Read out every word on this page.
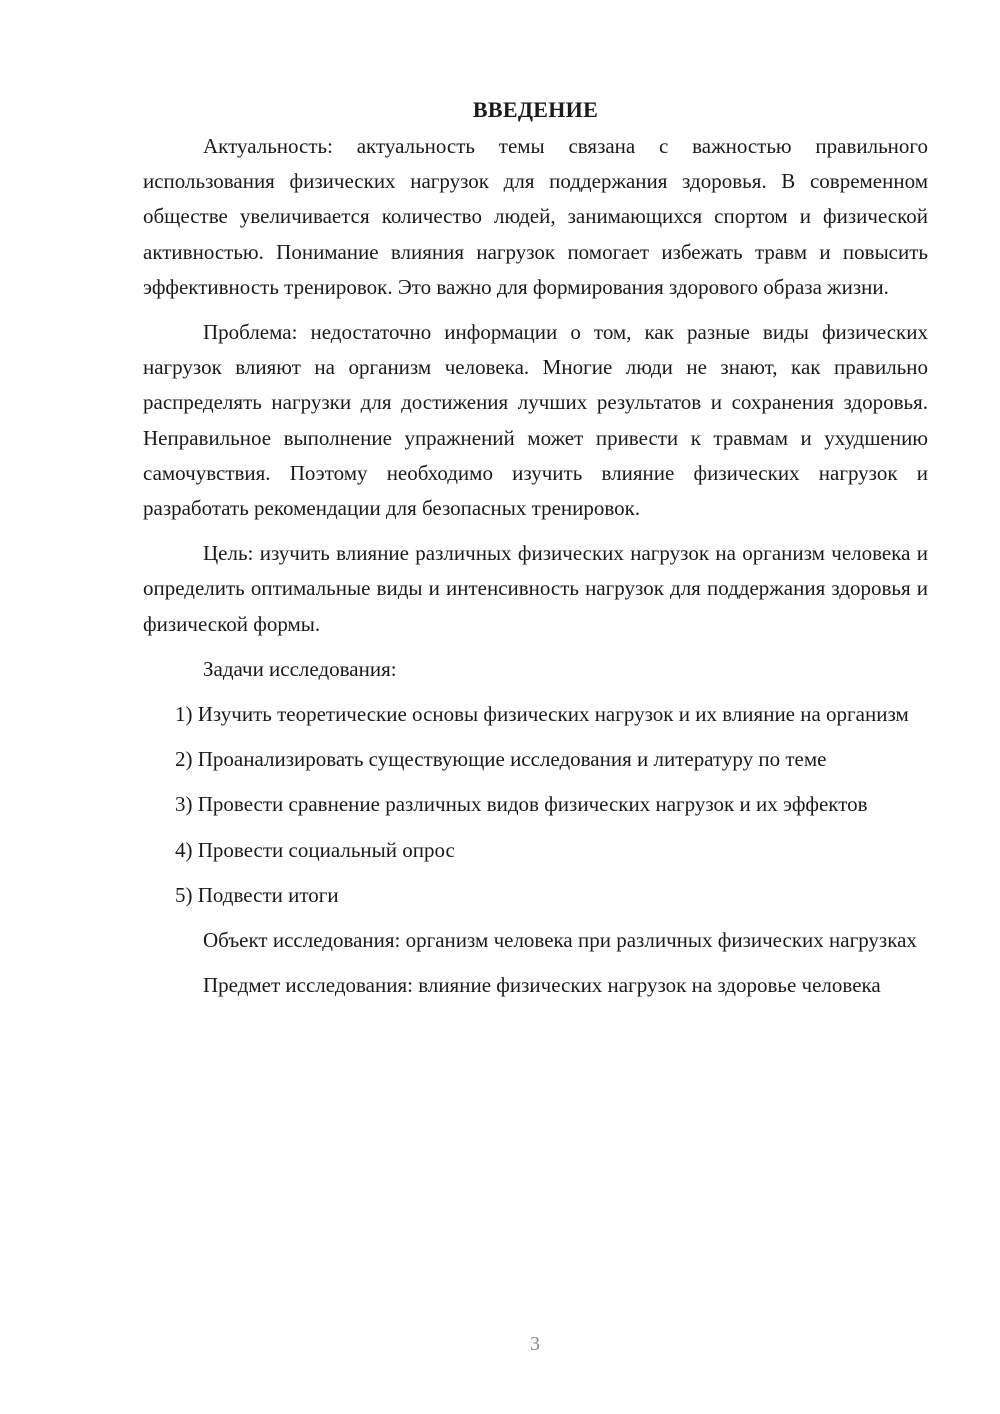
ВВЕДЕНИЕ

Актуальность: актуальность темы связана с важностью правильного использования физических нагрузок для поддержания здоровья. В современном обществе увеличивается количество людей, занимающихся спортом и физической активностью. Понимание влияния нагрузок помогает избежать травм и повысить эффективность тренировок. Это важно для формирования здорового образа жизни.

Проблема: недостаточно информации о том, как разные виды физических нагрузок влияют на организм человека. Многие люди не знают, как правильно распределять нагрузки для достижения лучших результатов и сохранения здоровья. Неправильное выполнение упражнений может привести к травмам и ухудшению самочувствия. Поэтому необходимо изучить влияние физических нагрузок и разработать рекомендации для безопасных тренировок.

Цель: изучить влияние различных физических нагрузок на организм человека и определить оптимальные виды и интенсивность нагрузок для поддержания здоровья и физической формы.

Задачи исследования:

1) Изучить теоретические основы физических нагрузок и их влияние на организм

2) Проанализировать существующие исследования и литературу по теме

3) Провести сравнение различных видов физических нагрузок и их эффектов

4) Провести социальный опрос

5) Подвести итоги

Объект исследования: организм человека при различных физических нагрузках

Предмет исследования: влияние физических нагрузок на здоровье человека

3
